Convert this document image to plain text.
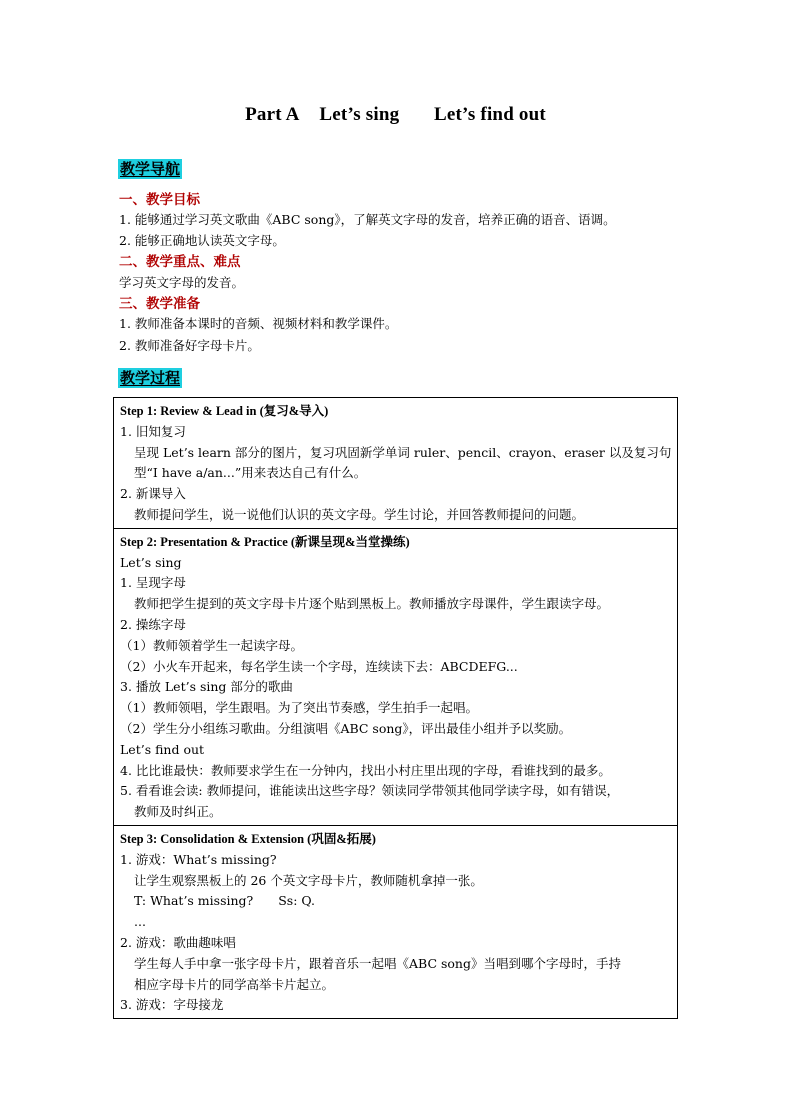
Part A Let’s sing Let’s find out
教学导航
一、教学目标
1. 能够通过学习英文歌曲《ABC song》，了解英文字母的发音，培养正确的语音、语调。
2. 能够正确地认读英文字母。
二、教学重点、难点
学习英文字母的发音。
三、教学准备
1. 教师准备本课时的音频、视频材料和教学课件。
2. 教师准备好字母卡片。
教学过程
Step 1: Review & Lead in (复习&导入)
1. 旧知复习
呈现 Let’s learn 部分的图片，复习巩固新学单词 ruler、pencil、crayon、eraser 以及复习句
型“I have a/an...”用来表达自己有什么。
2. 新课导入
教师提问学生，说一说他们认识的英文字母。学生讨论，并回答教师提问的问题。
Step 2: Presentation & Practice (新课呈现&当堂操练)
Let’s sing
1. 呈现字母
教师把学生提到的英文字母卡片逐个贴到黑板上。教师播放字母课件，学生跟读字母。
2. 操练字母
（1）教师领着学生一起读字母。
（2）小火车开起来，每名学生读一个字母，连续读下去：ABCDEFG...
3. 播放 Let’s sing 部分的歌曲
（1）教师领唱，学生跟唱。为了突出节奏感，学生拍手一起唱。
（2）学生分小组练习歌曲。分组演唱《ABC song》，评出最佳小组并予以奖励。
Let’s find out
4. 比比谁最快：教师要求学生在一分钟内，找出小村庄里出现的字母，看谁找到的最多。
5. 看看谁会读: 教师提问，谁能读出这些字母？领读同学带领其他同学读字母，如有错误，
教师及时纠正。
Step 3: Consolidation & Extension (巩固&拓展)
1. 游戏：What’s missing?
让学生观察黑板上的 26 个英文字母卡片，教师随机拿掉一张。
T: What’s missing?　　Ss: Q.
...
2. 游戏：歌曲趣味唱
学生每人手中拿一张字母卡片，跟着音乐一起唱《ABC song》当唱到哪个字母时，手持
相应字母卡片的同学高举卡片起立。
3. 游戏：字母接龙
